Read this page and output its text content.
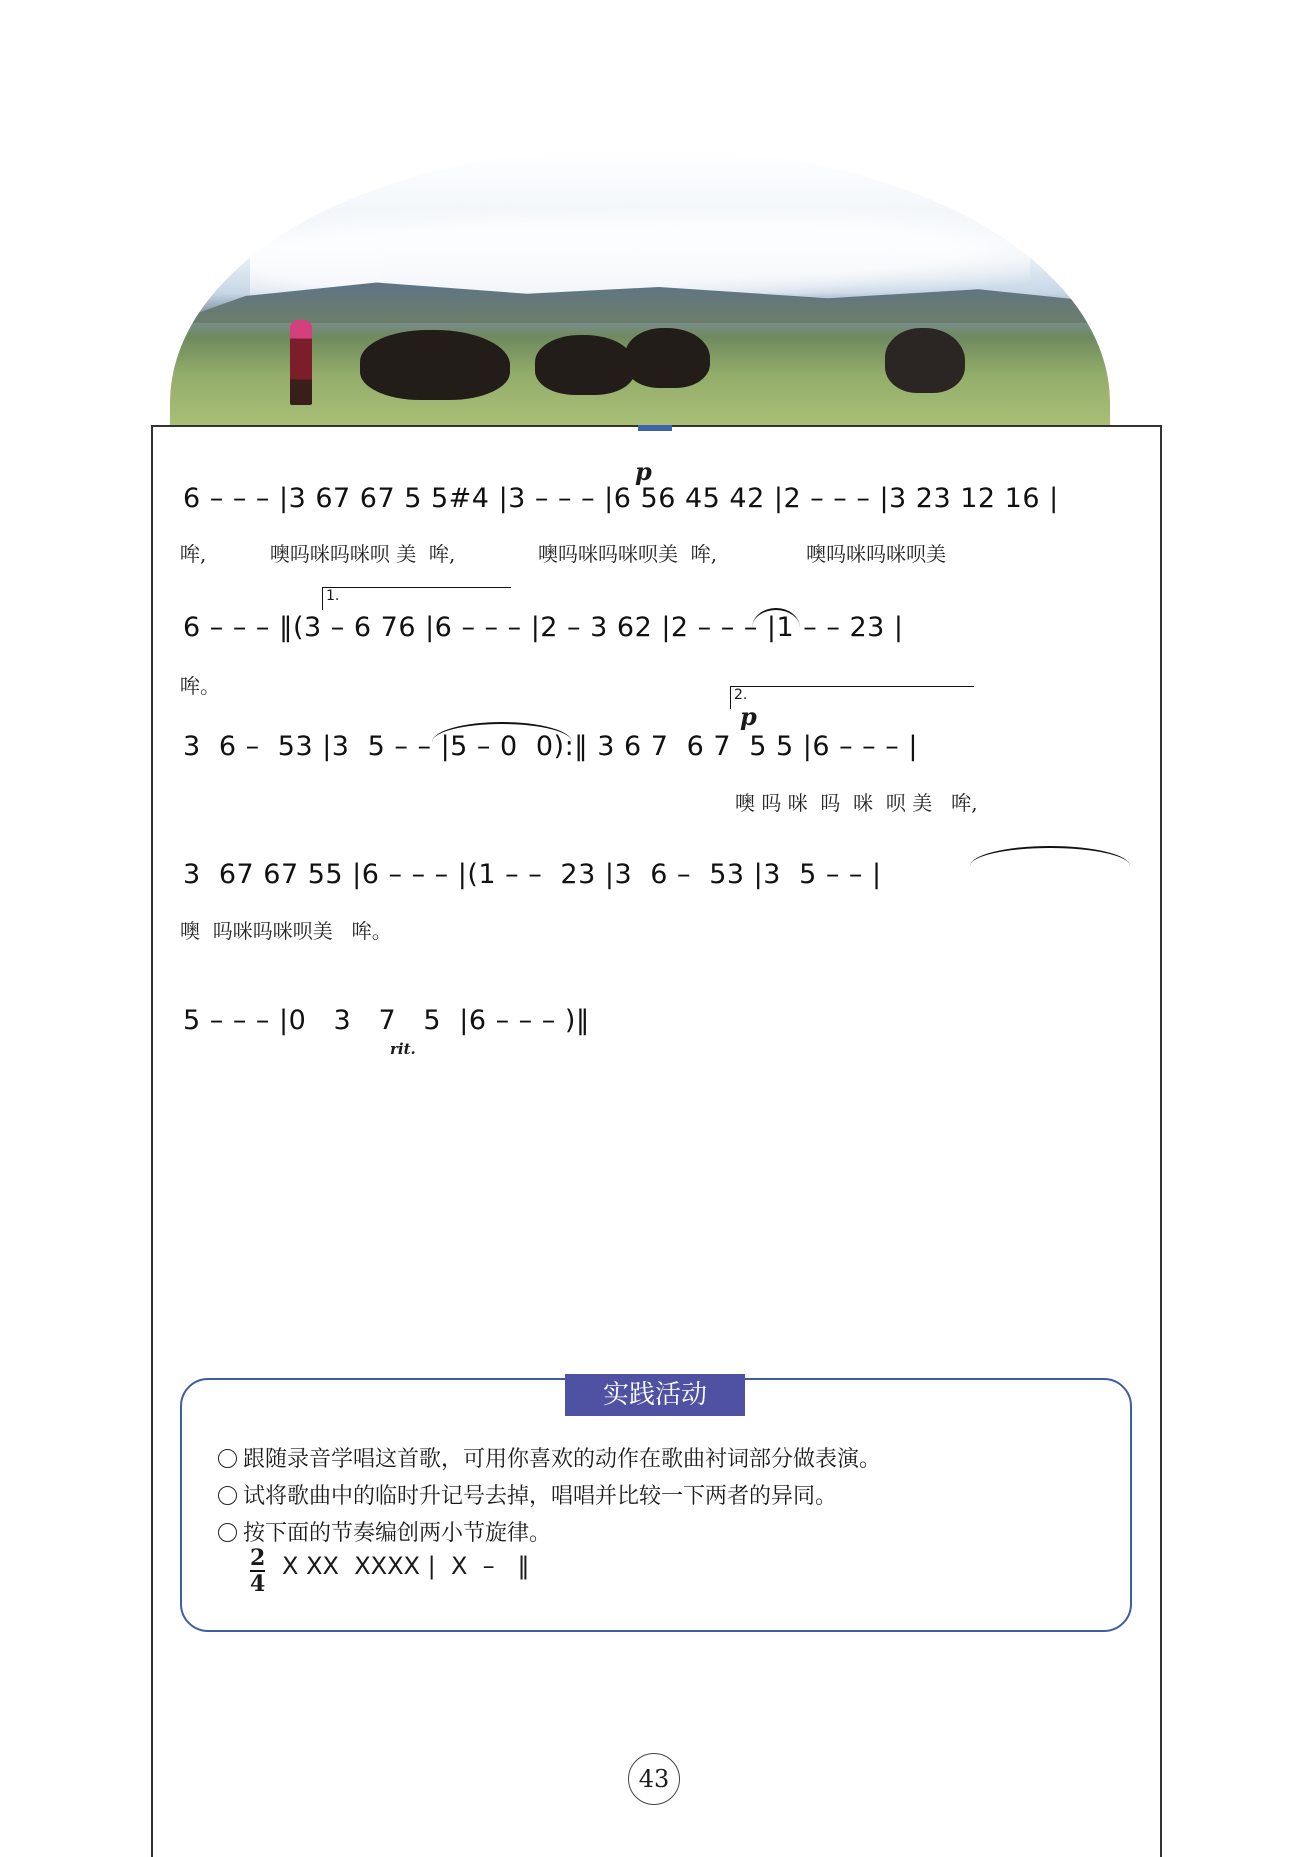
p
6 – – – |3 67 67 5 5#4 |3 – – – |6 56 45 42 |2 – – – |3 23 12 16 |
哞,          噢吗咪吗咪呗 美  哞,             噢吗咪吗咪呗美  哞,              噢吗咪吗咪呗美
1.
6 – – – ‖(3 – 6 76 |6 – – – |2 – 3 62 |2 – – – |1 – – 23 |
哞。	2.
p
3  6 –  53 |3  5 – – |5 – 0  0):‖ 3 6 7  6 7  5 5 |6 – – – |
噢 吗 咪  吗  咪  呗 美   哞,
3  67 67 55 |6 – – – |(1 – –  23 |3  6 –  53 |3  5 – – |
噢  吗咪吗咪呗美   哞。
5 – – – |0   3   7   5  |6 – – – )‖
rit.
实践活动
跟随录音学唱这首歌，可用你喜欢的动作在歌曲衬词部分做表演。
试将歌曲中的临时升记号去掉，唱唱并比较一下两者的异同。
按下面的节奏编创两小节旋律。
2
4
X XX  XXXX |  X  –   ‖
43
